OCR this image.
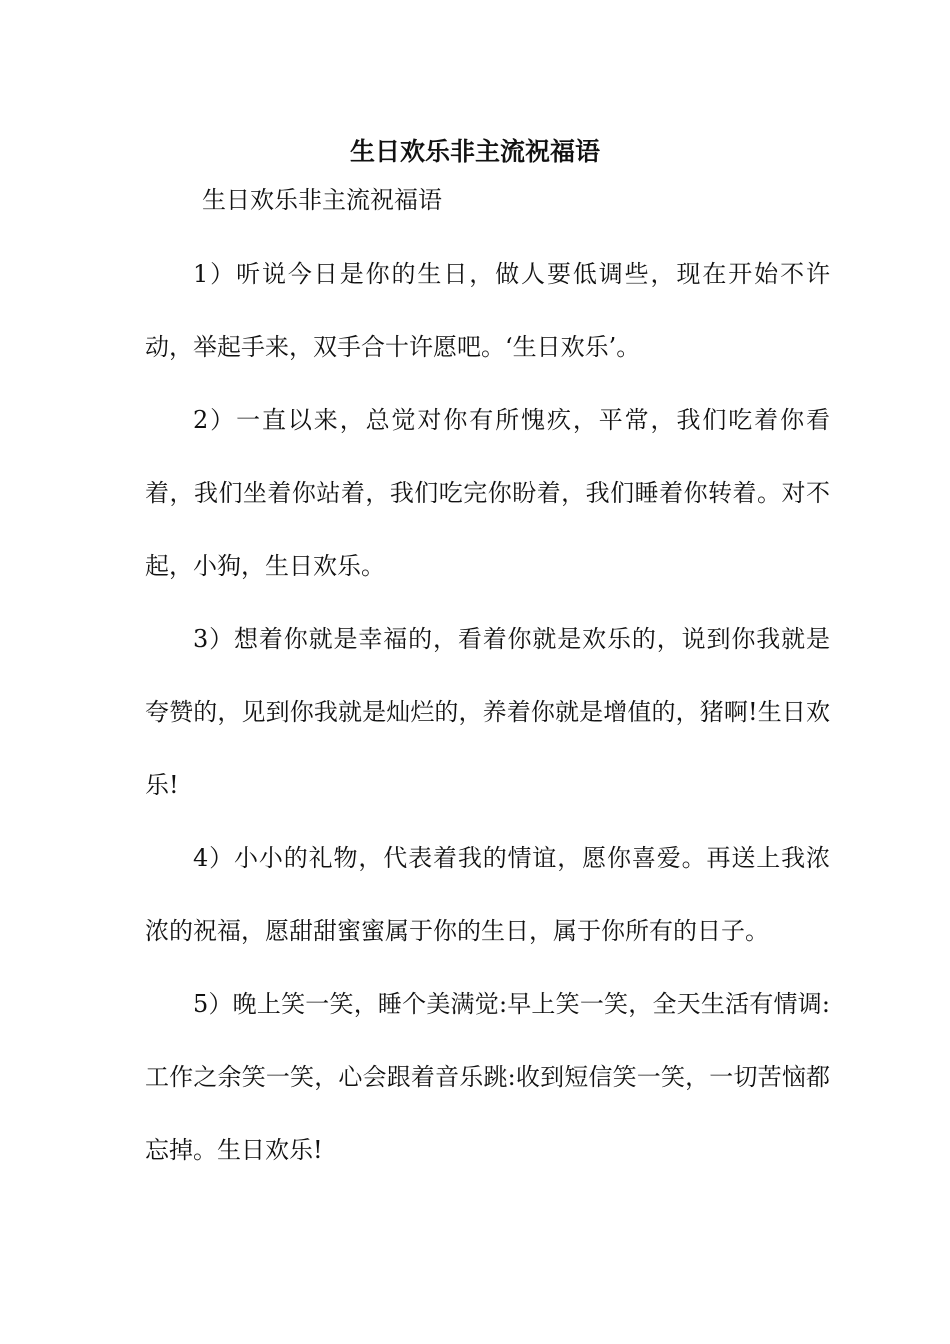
生日欢乐非主流祝福语

生日欢乐非主流祝福语

1）听说今日是你的生日，做人要低调些，现在开始不许动，举起手来，双手合十许愿吧。‘生日欢乐’。

2）一直以来，总觉对你有所愧疚，平常，我们吃着你看着，我们坐着你站着，我们吃完你盼着，我们睡着你转着。对不起，小狗，生日欢乐。

3）想着你就是幸福的，看着你就是欢乐的，说到你我就是夸赞的，见到你我就是灿烂的，养着你就是增值的，猪啊!生日欢乐!

4）小小的礼物，代表着我的情谊，愿你喜爱。再送上我浓浓的祝福，愿甜甜蜜蜜属于你的生日，属于你所有的日子。

5）晚上笑一笑，睡个美满觉:早上笑一笑，全天生活有情调:工作之余笑一笑，心会跟着音乐跳:收到短信笑一笑，一切苦恼都忘掉。生日欢乐!
